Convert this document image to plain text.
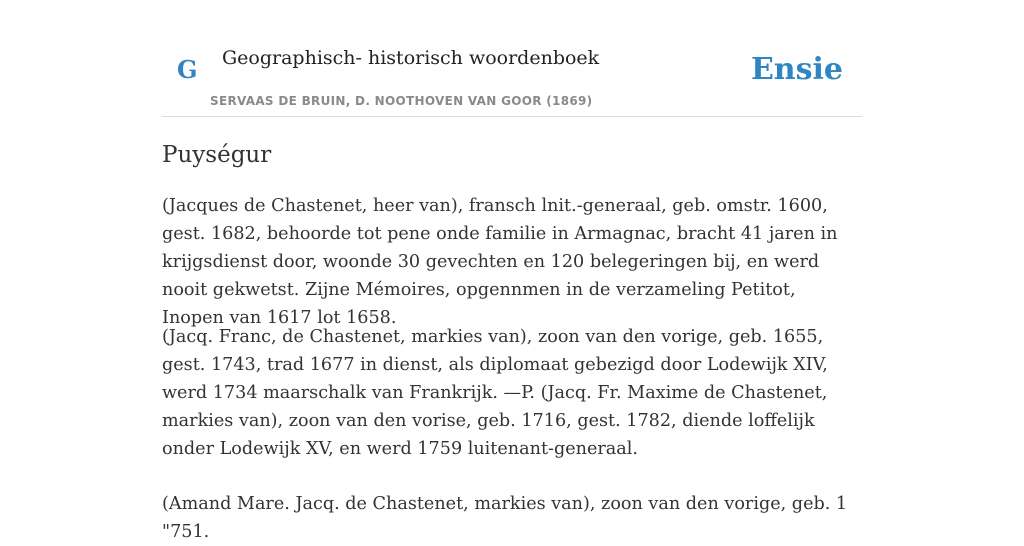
G Geographisch- historisch woordenboek
SERVAAS DE BRUIN, D. NOOTHOVEN VAN GOOR (1869)
Ensie
Puységur

(Jacques de Chastenet, heer van), fransch lnit.-generaal, geb. omstr. 1600, gest. 1682, behoorde tot pene onde familie in Armagnac, bracht 41 jaren in krijgsdienst door, woonde 30 gevechten en 120 belegeringen bij, en werd nooit gekwetst. Zijne Mémoires, opgennmen in de verzameling Petitot, Inopen van 1617 lot 1658.

(Jacq. Franc, de Chastenet, markies van), zoon van den vorige, geb. 1655, gest. 1743, trad 1677 in dienst, als diplomaat gebezigd door Lodewijk XIV, werd 1734 maarschalk van Frankrijk. —P. (Jacq. Fr. Maxime de Chastenet, markies van), zoon van den vorise, geb. 1716, gest. 1782, diende loffelijk onder Lodewijk XV, en werd 1759 luitenant-generaal.

(Amand Mare. Jacq. de Chastenet, markies van), zoon van den vorige, geb. 1 "751.
